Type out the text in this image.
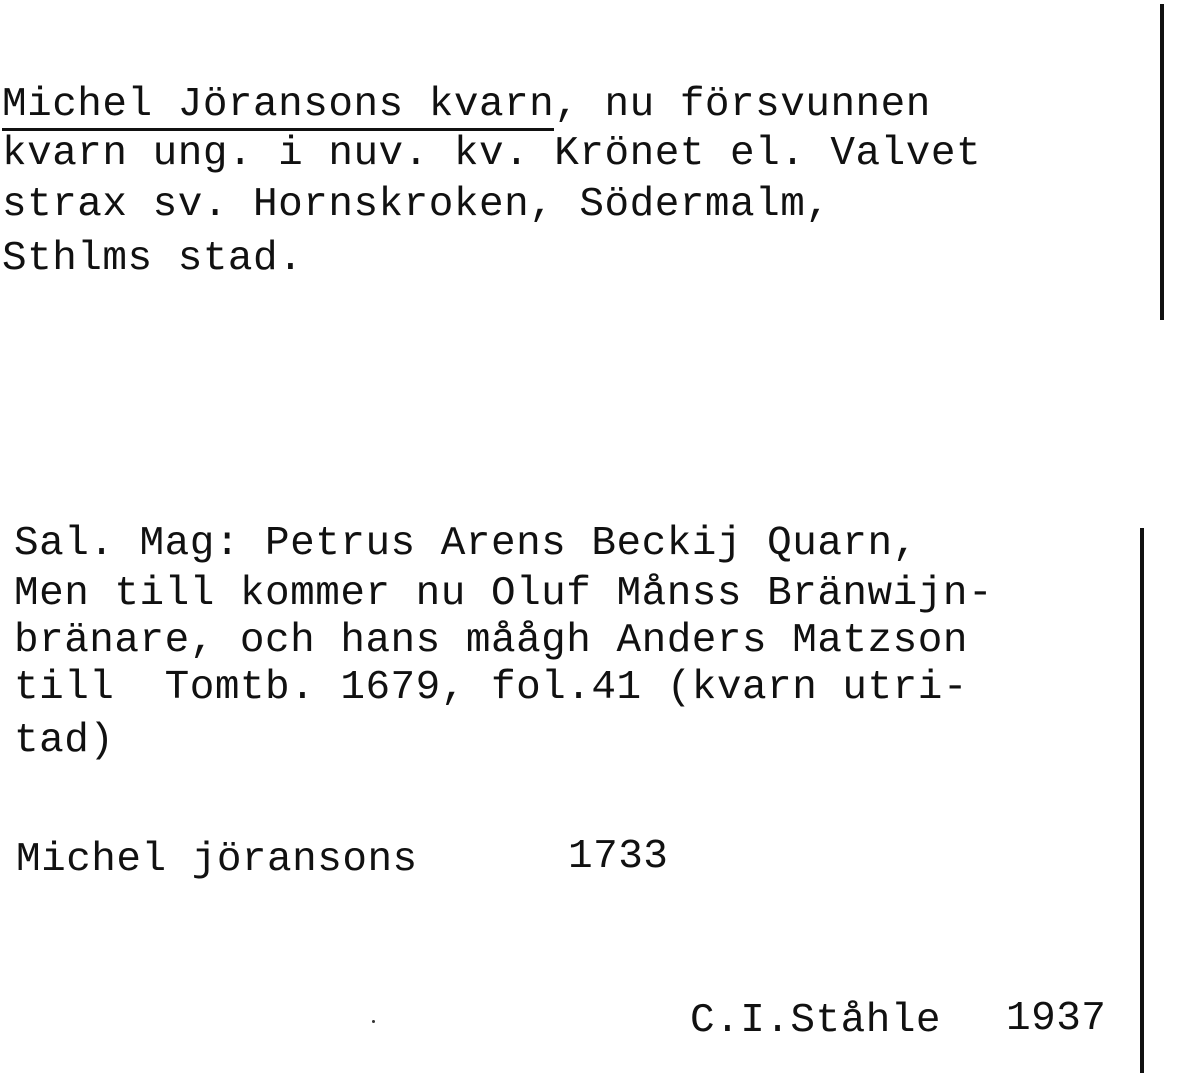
Michel Jöransons kvarn, nu försvunnen
kvarn ung. i nuv. kv. Krönet el. Valvet
strax sv. Hornskroken, Södermalm,
Sthlms stad.
Sal. Mag: Petrus Arens Beckij Quarn,
Men till kommer nu Oluf Månss Bränwijn-
bränare, och hans måågh Anders Matzson
till  Tomtb. 1679, fol.41 (kvarn utri-
tad)
Michel jöransons	1733
C.I.Ståhle 1937
